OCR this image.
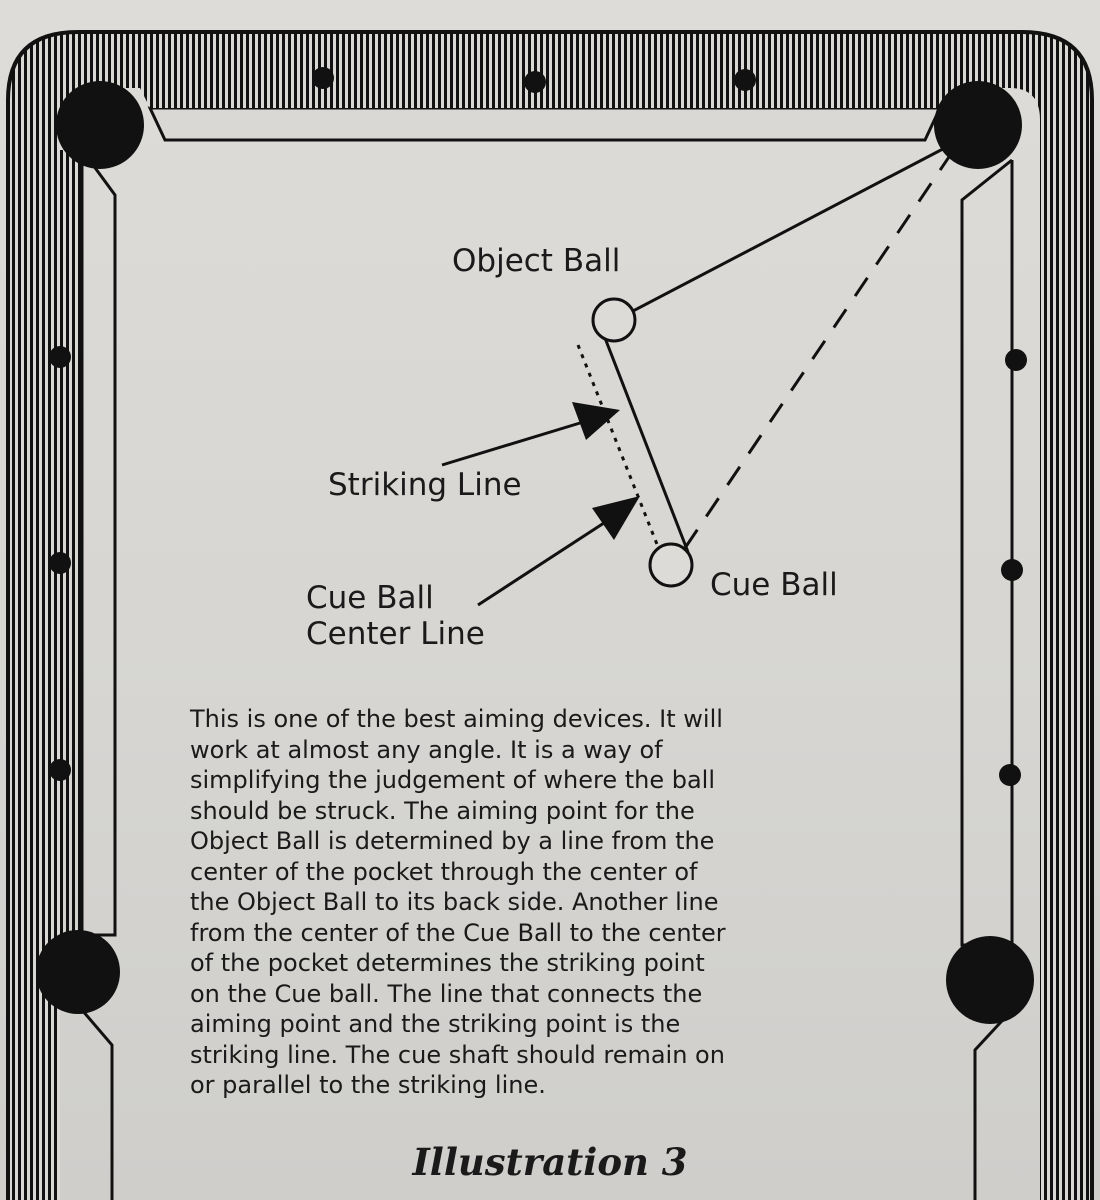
Object Ball
Striking Line
Cue Ball
Center Line
Cue Ball
This is one of the best aiming devices. It will
work at almost any angle. It is a way of
simplifying the judgement of where the ball
should be struck. The aiming point for the
Object Ball is determined by a line from the
center of the pocket through the center of
the Object Ball to its back side. Another line
from the center of the Cue Ball to the center
of the pocket determines the striking point
on the Cue ball. The line that connects the
aiming point and the striking point is the
striking line. The cue shaft should remain on
or parallel to the striking line.
Illustration 3
